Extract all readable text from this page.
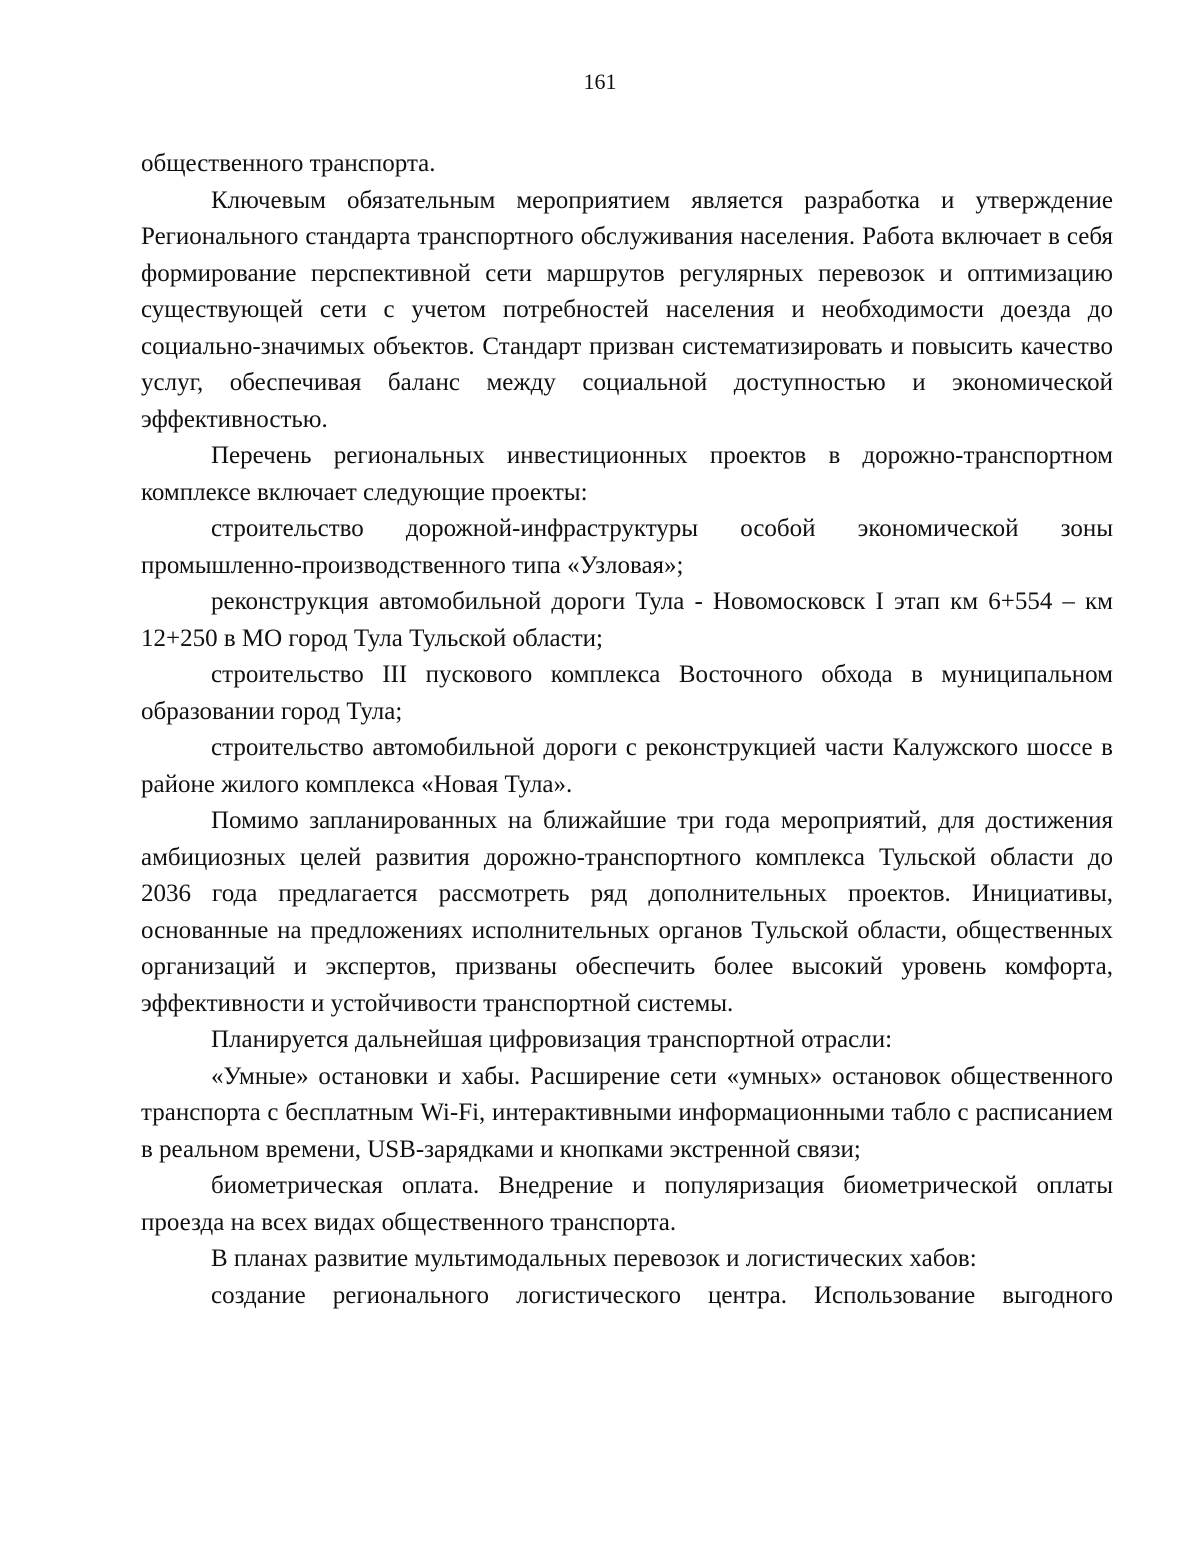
161

общественного транспорта.

Ключевым обязательным мероприятием является разработка и утверждение Регионального стандарта транспортного обслуживания населения. Работа включает в себя формирование перспективной сети маршрутов регулярных перевозок и оптимизацию существующей сети с учетом потребностей населения и необходимости доезда до социально-значимых объектов. Стандарт призван систематизировать и повысить качество услуг, обеспечивая баланс между социальной доступностью и экономической эффективностью.

Перечень региональных инвестиционных проектов в дорожно-транспортном комплексе включает следующие проекты:

строительство дорожной-инфраструктуры особой экономической зоны промышленно-производственного типа «Узловая»;

реконструкция автомобильной дороги Тула - Новомосковск I этап км 6+554 – км 12+250 в МО город Тула Тульской области;

строительство III пускового комплекса Восточного обхода в муниципальном образовании город Тула;

строительство автомобильной дороги с реконструкцией части Калужского шоссе в районе жилого комплекса «Новая Тула».

Помимо запланированных на ближайшие три года мероприятий, для достижения амбициозных целей развития дорожно-транспортного комплекса Тульской области до 2036 года предлагается рассмотреть ряд дополнительных проектов. Инициативы, основанные на предложениях исполнительных органов Тульской области, общественных организаций и экспертов, призваны обеспечить более высокий уровень комфорта, эффективности и устойчивости транспортной системы.

Планируется дальнейшая цифровизация транспортной отрасли:

«Умные» остановки и хабы. Расширение сети «умных» остановок общественного транспорта с бесплатным Wi-Fi, интерактивными информационными табло с расписанием в реальном времени, USB-зарядками и кнопками экстренной связи;

биометрическая оплата. Внедрение и популяризация биометрической оплаты проезда на всех видах общественного транспорта.

В планах развитие мультимодальных перевозок и логистических хабов:

создание регионального логистического центра. Использование выгодного
